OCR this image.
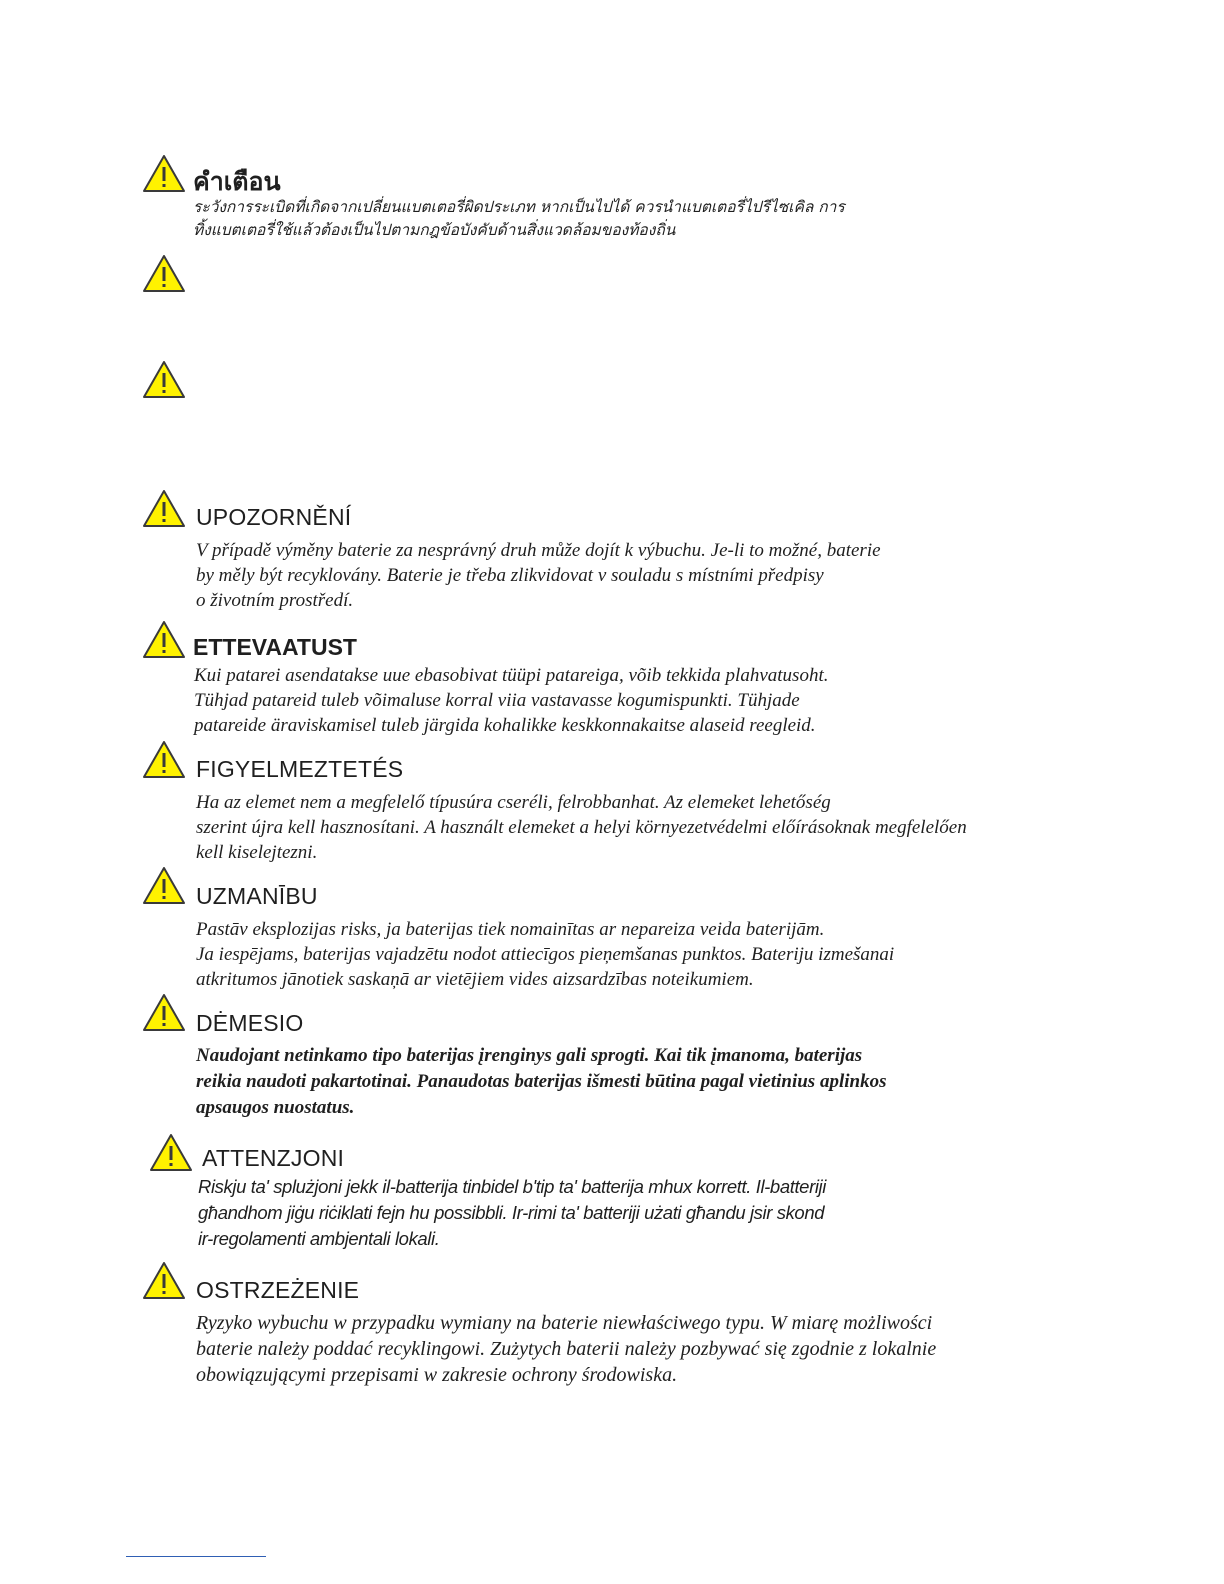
คำเตือน
ระวังการระเบิดที่เกิดจากเปลี่ยนแบตเตอรี่ผิดประเภท หากเป็นไปได้ ควรนำแบตเตอรี่ไปรีไซเคิล การ
ทิ้งแบตเตอรี่ใช้แล้วต้องเป็นไปตามกฎข้อบังคับด้านสิ่งแวดล้อมของท้องถิ่น
UPOZORNĚNÍ
V případě výměny baterie za nesprávný druh může dojít k výbuchu. Je-li to možné, baterie
by měly být recyklovány. Baterie je třeba zlikvidovat v souladu s místními předpisy
o životním prostředí.
ETTEVAATUST
Kui patarei asendatakse uue ebasobivat tüüpi patareiga, võib tekkida plahvatusoht.
Tühjad patareid tuleb võimaluse korral viia vastavasse kogumispunkti. Tühjade
patareide äraviskamisel tuleb järgida kohalikke keskkonnakaitse alaseid reegleid.
FIGYELMEZTETÉS
Ha az elemet nem a megfelelő típusúra cseréli, felrobbanhat. Az elemeket lehetőség
szerint újra kell hasznosítani. A használt elemeket a helyi környezetvédelmi előírásoknak megfelelően
kell kiselejtezni.
UZMANĪBU
Pastāv eksplozijas risks, ja baterijas tiek nomainītas ar nepareiza veida baterijām.
Ja iespējams, baterijas vajadzētu nodot attiecīgos pieņemšanas punktos. Bateriju izmešanai
atkritumos jānotiek saskaņā ar vietējiem vides aizsardzības noteikumiem.
DĖMESIO
Naudojant netinkamo tipo baterijas įrenginys gali sprogti. Kai tik įmanoma, baterijas
reikia naudoti pakartotinai. Panaudotas baterijas išmesti būtina pagal vietinius aplinkos
apsaugos nuostatus.
ATTENZJONI
Riskju ta' splużjoni jekk il-batterija tinbidel b'tip ta' batterija mhux korrett. Il-batteriji
għandhom jiġu riċiklati fejn hu possibbli. Ir-rimi ta' batteriji użati għandu jsir skond
ir-regolamenti ambjentali lokali.
OSTRZEŻENIE
Ryzyko wybuchu w przypadku wymiany na baterie niewłaściwego typu. W miarę możliwości
baterie należy poddać recyklingowi. Zużytych baterii należy pozbywać się zgodnie z lokalnie
obowiązującymi przepisami w zakresie ochrony środowiska.
